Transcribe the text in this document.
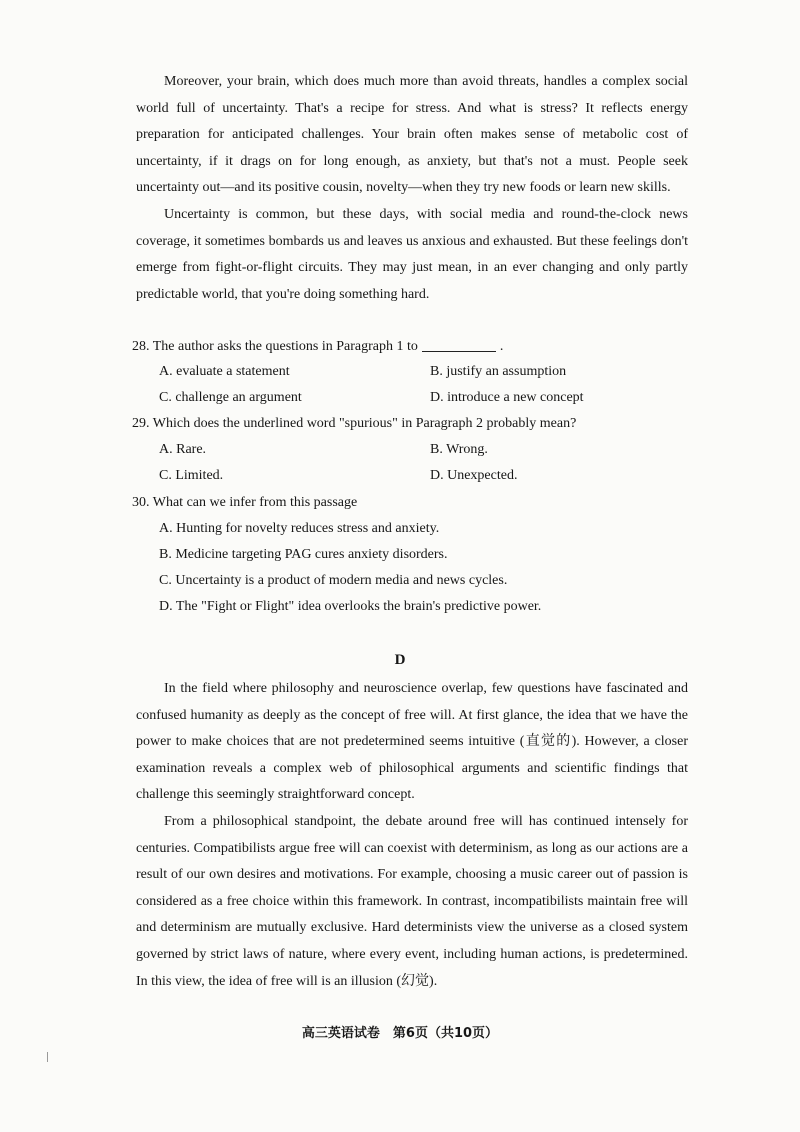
Moreover, your brain, which does much more than avoid threats, handles a complex social world full of uncertainty. That's a recipe for stress. And what is stress? It reflects energy preparation for anticipated challenges. Your brain often makes sense of metabolic cost of uncertainty, if it drags on for long enough, as anxiety, but that's not a must. People seek uncertainty out—and its positive cousin, novelty—when they try new foods or learn new skills.

Uncertainty is common, but these days, with social media and round-the-clock news coverage, it sometimes bombards us and leaves us anxious and exhausted. But these feelings don't emerge from fight-or-flight circuits. They may just mean, in an ever changing and only partly predictable world, that you're doing something hard.

28. The author asks the questions in Paragraph 1 to	.
A. evaluate a statement	B. justify an assumption
C. challenge an argument	D. introduce a new concept
29. Which does the underlined word "spurious" in Paragraph 2 probably mean?
A. Rare.	B. Wrong.
C. Limited.	D. Unexpected.
30. What can we infer from this passage
A. Hunting for novelty reduces stress and anxiety.
B. Medicine targeting PAG cures anxiety disorders.
C. Uncertainty is a product of modern media and news cycles.
D. The "Fight or Flight" idea overlooks the brain's predictive power.
D

In the field where philosophy and neuroscience overlap, few questions have fascinated and confused humanity as deeply as the concept of free will. At first glance, the idea that we have the power to make choices that are not predetermined seems intuitive (直觉的). However, a closer examination reveals a complex web of philosophical arguments and scientific findings that challenge this seemingly straightforward concept.

From a philosophical standpoint, the debate around free will has continued intensely for centuries. Compatibilists argue free will can coexist with determinism, as long as our actions are a result of our own desires and motivations. For example, choosing a music career out of passion is considered as a free choice within this framework. In contrast, incompatibilists maintain free will and determinism are mutually exclusive. Hard determinists view the universe as a closed system governed by strict laws of nature, where every event, including human actions, is predetermined. In this view, the idea of free will is an illusion (幻觉).

高三英语试卷　第6页（共10页）
